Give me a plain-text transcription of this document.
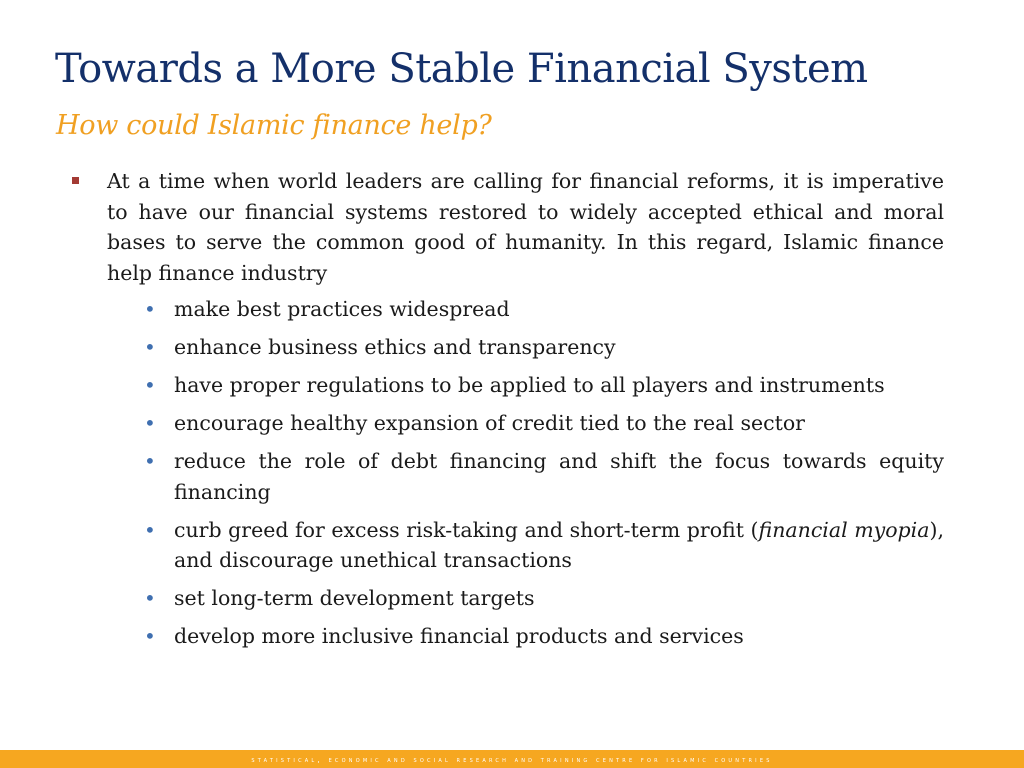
Towards a More Stable Financial System
How could Islamic finance help?
At a time when world leaders are calling for financial reforms, it is imperative to have our financial systems restored to widely accepted ethical and moral bases to serve the common good of humanity. In this regard, Islamic finance help finance industry
• make best practices widespread
• enhance business ethics and transparency
• have proper regulations to be applied to all players and instruments
• encourage healthy expansion of credit tied to the real sector
• reduce the role of debt financing and shift the focus towards equity financing
• curb greed for excess risk-taking and short-term profit (financial myopia), and discourage unethical transactions
• set long-term development targets
• develop more inclusive financial products and services
statistical, economic and social research and training centre for islamic countries
